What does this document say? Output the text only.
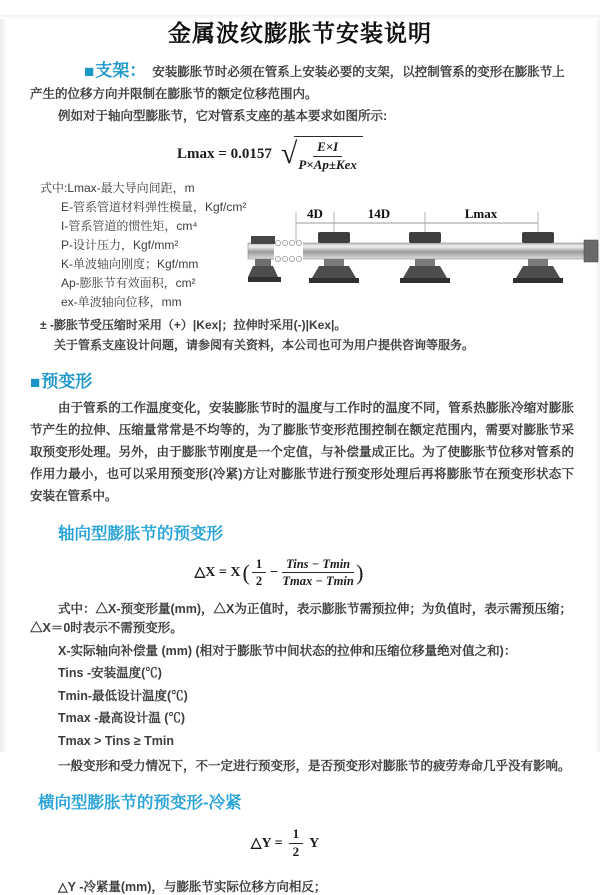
金属波纹膨胀节安装说明

■支架： 安装膨胀节时必须在管系上安装必要的支架，以控制管系的变形在膨胀节上产生的位移方向并限制在膨胀节的额定位移范围内。

例如对于轴向型膨胀节，它对管系支座的基本要求如图所示:

Lmax = 0.0157 √ $\frac{E\times I}{\text{P×Ap±Kex}}$
式中:Lmax-最大导向间距，m
E-管系管道材料弹性模量，Kgf/cm²
I-管系管道的惯性矩，cm⁴
P-设计压力，Kgf/mm²
K-单波轴向刚度；Kgf/mm
Ap-膨胀节有效面积，cm²
ex-单波轴向位移，mm

± -膨胀节受压缩时采用（+）|Kex|；拉伸时采用(-)|Kex|。

关于管系支座设计问题，请参阅有关资料，本公司也可为用户提供咨询等服务。

4D	14D	Lmax

■预变形

由于管系的工作温度变化，安装膨胀节时的温度与工作时的温度不同，管系热膨胀冷缩对膨胀节产生的拉伸、压缩量常常是不均等的，为了膨胀节变形范围控制在额定范围内，需要对膨胀节采取预变形处理。另外，由于膨胀节刚度是一个定值，与补偿量成正比。为了使膨胀节位移对管系的作用力最小，也可以采用预变形(冷紧)方让对膨胀节进行预变形处理后再将膨胀节在预变形状态下安装在管系中。

轴向型膨胀节的预变形
△X = X ( $\frac{1}{2} - \frac{\text{Tins − Tmin}}{Tmax - Tmin}$ )

式中：△X-预变形量(mm)，△X为正值时，表示膨胀节需预拉伸；为负值时，表示需预压缩；△X＝0时表示不需预变形。

X-实际轴向补偿量 (mm) (相对于膨胀节中间状态的拉伸和压缩位移量绝对值之和)：
Tins -安装温度(℃)
Tmin-最低设计温度(℃)
Tmax -最高设计温 (℃)
Tmax > Tins ≥ Tmin

一般变形和受力情况下，不一定进行预变形，是否预变形对膨胀节的疲劳寿命几乎没有影响。

横向型膨胀节的预变形-冷紧
△Y = $\frac{1}{2}$ Y

△Y -冷紧量(mm)，与膨胀节实际位移方向相反；
